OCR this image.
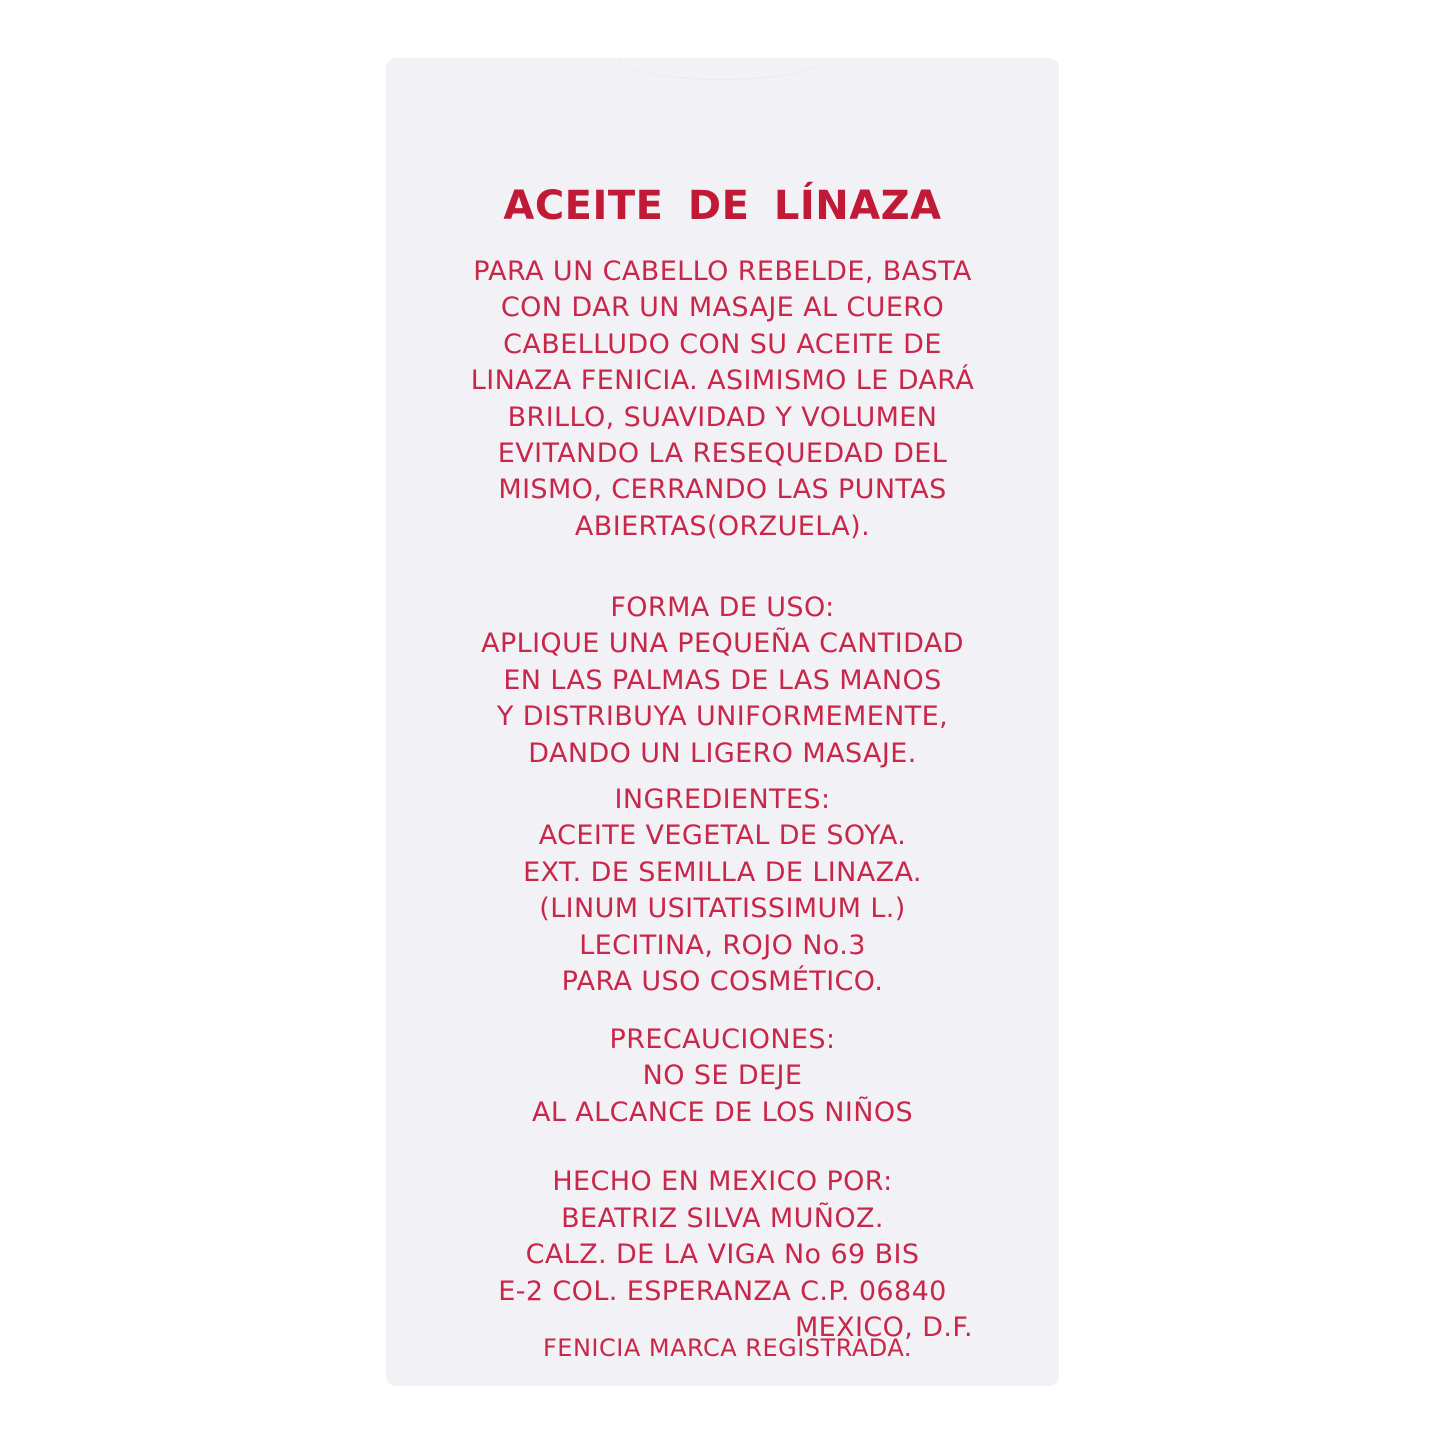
ACEITE DE LÍNAZA
PARA UN CABELLO REBELDE, BASTA
CON DAR UN MASAJE AL CUERO
CABELLUDO CON SU ACEITE DE
LINAZA FENICIA. ASIMISMO LE DARÁ
BRILLO, SUAVIDAD Y VOLUMEN
EVITANDO LA RESEQUEDAD DEL
MISMO, CERRANDO LAS PUNTAS
ABIERTAS(ORZUELA).
FORMA DE USO:
APLIQUE UNA PEQUEÑA CANTIDAD
EN LAS PALMAS DE LAS MANOS
Y DISTRIBUYA UNIFORMEMENTE,
DANDO UN LIGERO MASAJE.
INGREDIENTES:
ACEITE VEGETAL DE SOYA.
EXT. DE SEMILLA DE LINAZA.
(LINUM USITATISSIMUM L.)
LECITINA, ROJO No.3
PARA USO COSMÉTICO.
PRECAUCIONES:
NO SE DEJE
AL ALCANCE DE LOS NIÑOS
HECHO EN MEXICO POR:
BEATRIZ SILVA MUÑOZ.
CALZ. DE LA VIGA No 69 BIS
E-2 COL. ESPERANZA C.P. 06840
MEXICO, D.F.
FENICIA MARCA REGISTRADA.
